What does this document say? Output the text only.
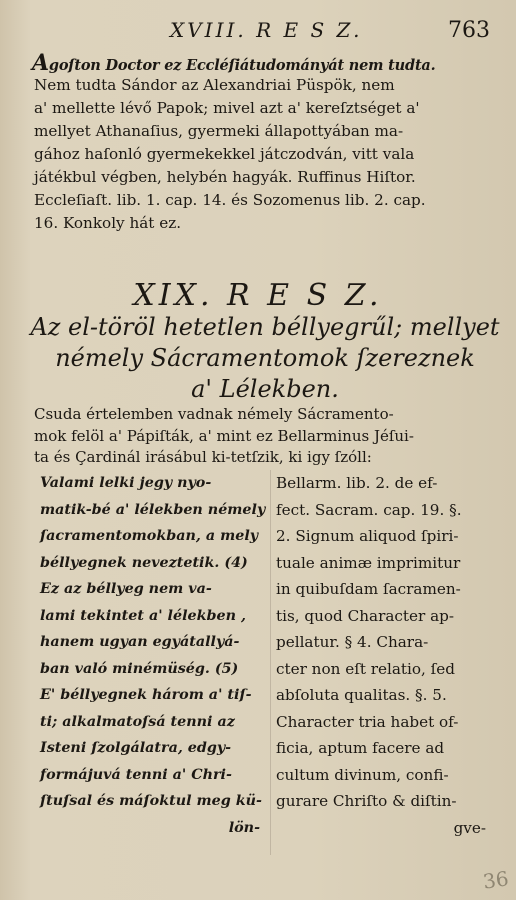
XVIII. R E S Z.	763
Agoſton Doctor ez Eccléſiátudományát nem tudta.
Nem tudta Sándor az Alexandriai Püspök, nem
a' mellette lévő Papok; mivel azt a' kereſztséget a'
mellyet Athanaſius, gyermeki állapottyában ma-
gához haſonló gyermekekkel játczodván, vitt vala
játékbul végben, helybén hagyák. Ruffinus Hiſtor.
Eccleſiaſt. lib. 1. cap. 14. és Sozomenus lib. 2. cap.
16. Konkoly hát ez.
XIX. R E S Z.
Az el-töröl hetetlen béllyegrűl; mellyet
némely Sácramentomok ſzereznek
a' Lélekben.
Csuda értelemben vadnak némely Sácramento-
mok felöl a' Pápiſták, a' mint ez Bellarminus Jéſui-
ta és Çardinál irásábul ki-tetſzik, ki igy ſzóll:
Valami lelki jegy nyo-
matik-bé a' lélekben némely
ſacramentomokban, a mely
béllyegnek neveztetik. (4)
Ez az béllyeg nem va-
lami tekintet a' lélekben ,
hanem ugyan egyátallyá-
ban való minémüség. (5)
E' béllyegnek három a' tiſ-
ti; alkalmatoſsá tenni az
Isteni ſzolgálatra, edgy-
formájuvá tenni a' Chri-
ſtuſsal és máſoktul meg kü-
lön-
Bellarm. lib. 2. de ef-
fect. Sacram. cap. 19. §.
2. Signum aliquod ſpiri-
tuale animæ imprimitur
in quibuſdam ſacramen-
tis, quod Character ap-
pellatur. § 4. Chara-
cter non eſt relatio, ſed
abſoluta qualitas. §. 5.
Character tria habet of-
ficia, aptum facere ad
cultum divinum, confi-
gurare Chriſto & diſtin-
gve-
36
